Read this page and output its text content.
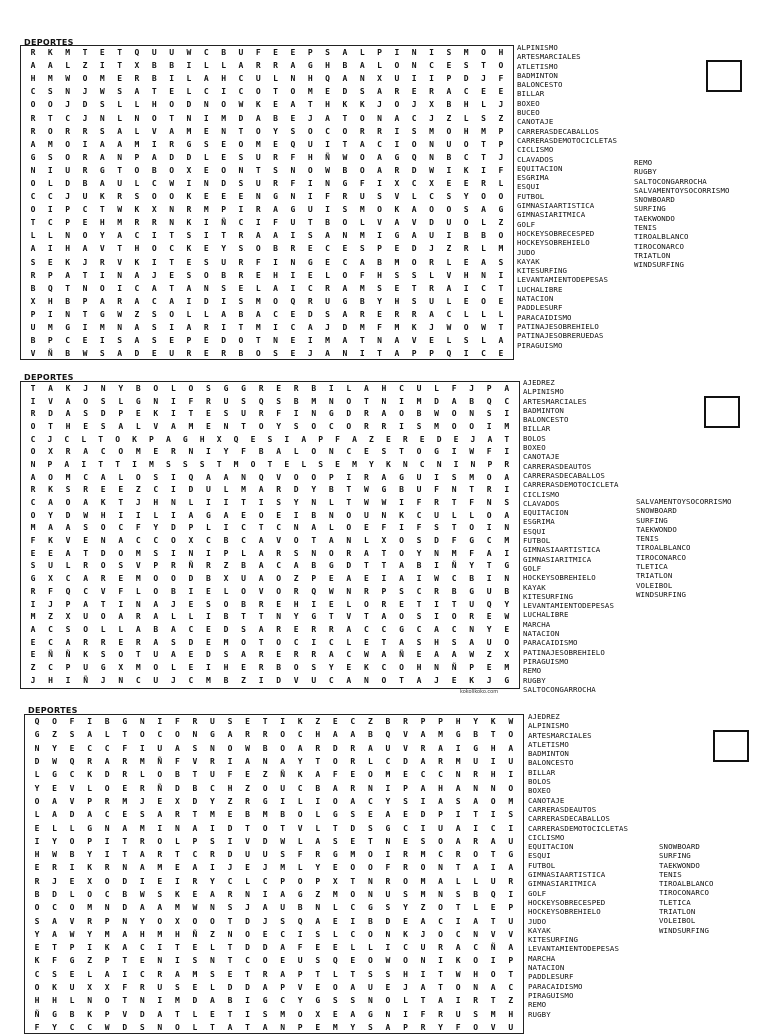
DEPORTES
R	K	M	T	E	T	Q	U	U	W	C	B	U	F	E	E	P	S	A	L	P	I	N	I	S	M	O	H
A	A	L	Z	I	T	X	B	B	I	L	L	A	R	R	A	G	H	B	A	L	O	N	C	E	S	T	O
H	M	W	O	M	E	R	B	I	L	A	H	C	U	L	N	H	Q	A	N	X	U	I	I	P	D	J	F
C	S	N	J	W	S	A	T	E	L	C	I	C	O	T	O	M	E	D	S	A	R	E	R	A	C	E	E
O	O	J	D	S	L	L	H	O	D	N	O	W	K	E	A	T	H	K	K	J	O	J	X	B	H	L	J
R	T	C	J	N	L	N	O	T	N	I	M	D	A	B	E	J	A	T	O	N	A	C	J	Z	L	S	Z
R	O	R	R	S	A	L	V	A	M	E	N	T	O	Y	S	O	C	O	R	R	I	S	M	O	H	M	P
A	M	O	I	A	A	M	I	R	G	S	E	O	M	E	Q	U	I	T	A	C	I	O	N	U	O	T	P
G	S	O	R	A	N	P	A	D	D	L	E	S	U	R	F	H	Ñ	W	O	A	G	Q	N	B	C	T	J
N	I	U	R	G	T	O	B	O	X	E	O	N	T	S	N	O	W	B	O	A	R	D	W	I	K	I	F
O	L	D	B	A	U	L	C	W	I	N	D	S	U	R	F	I	N	G	F	I	X	C	X	E	E	R	L
C	C	J	U	K	R	S	O	O	K	E	E	E	N	G	N	I	F	R	U	S	V	L	C	S	Y	O	O
O	I	P	C	T	W	K	X	N	R	M	P	I	R	A	G	U	I	S	M	O	K	A	O	O	S	A	G
T	C	P	E	H	M	R	R	N	K	I	Ñ	C	I	F	U	T	B	O	L	V	A	V	D	U	O	L	Z
L	L	N	O	Y	A	C	I	T	S	I	T	R	A	A	I	S	A	N	M	I	G	A	U	I	B	B	O
A	I	H	A	V	T	H	O	C	K	E	Y	S	O	B	R	E	C	E	S	P	E	D	J	Z	R	L	M
S	E	K	J	R	V	K	I	T	E	S	U	R	F	I	N	G	E	C	A	B	M	O	R	L	E	A	S
R	P	A	T	I	N	A	J	E	S	O	B	R	E	H	I	E	L	O	F	H	S	S	L	V	H	N	I
B	Q	T	N	O	I	C	A	T	A	N	S	E	L	A	I	C	R	A	M	S	E	T	R	A	I	C	T
X	H	B	P	A	R	A	C	A	I	D	I	S	M	O	Q	R	U	G	B	Y	H	S	U	L	E	O	E
P	I	N	T	G	W	Z	S	O	L	L	A	B	A	C	E	D	S	A	R	E	R	R	A	C	L	L	L
U	M	G	I	M	N	A	S	I	A	R	I	T	M	I	C	A	J	D	M	F	M	K	J	W	O	W	T
B	P	C	E	I	S	A	S	E	P	E	D	O	T	N	E	I	M	A	T	N	A	V	E	L	S	L	A
V	Ñ	B	W	S	A	D	E	U	R	E	R	B	O	S	E	J	A	N	I	T	A	P	P	Q	I	C	E
ALPINISMO
ARTESMARCIALES
ATLETISMO
BADMINTON
BALONCESTO
BILLAR
BOXEO
BUCEO
CANOTAJE
CARRERASDECABALLOS
CARRERASDEMOTOCICLETAS
CICLISMO
CLAVADOS
EQUITACION
ESGRIMA
ESQUI
FUTBOL
GIMNASIAARTISTICA
GIMNASIARITMICA
GOLF
HOCKEYSOBRECESPED
HOCKEYSOBREHIELO
JUDO
KAYAK
KITESURFING
LEVANTAMIENTODEPESAS
LUCHALIBRE
NATACION
PADDLESURF
PARACAIDISMO
PATINAJESOBREHIELO
PATINAJESOBRERUEDAS
PIRAGUISMO
REMO
RUGBY
SALTOCONGARROCHA
SALVAMENTOYSOCORRISMO
SNOWBOARD
SURFING
TAEKWONDO
TENIS
TIROALBLANCO
TIROCONARCO
TRIATLON
WINDSURFING
DEPORTES
T	A	K	J	N	Y	B	O	L	O	S	G	G	R	E	R	B	I	L	A	H	C	U	L	F	J	P	A
I	V	A	O	S	L	G	N	I	F	R	U	S	Q	S	B	M	N	O	T	N	I	M	D	A	B	Q	C
R	D	A	S	D	P	E	K	I	T	E	S	U	R	F	I	N	G	D	R	A	O	B	W	O	N	S	I
O	T	H	E	S	A	L	V	A	M	E	N	T	O	Y	S	O	C	O	R	R	I	S	M	O	O	I	M
C	J	C	L	T	O	K	P	A	G	H	X	Q	E	S	I	A	P	F	A	Z	E	R	E	D	E	J	A	T
O	X	R	A	C	O	M	E	R	N	I	Y	F	B	A	L	O	N	C	E	S	T	O	G	I	W	F	I
N	P	A	I	T	T	I	M	S	S	S	T	M	O	T	E	L	S	E	M	Y	K	N	C	N	I	N	P	R
A	O	M	C	A	L	O	S	I	Q	A	A	N	Q	V	O	O	P	I	R	A	G	U	I	S	M	O	A
R	K	S	R	E	E	Z	C	I	D	U	L	M	A	R	D	Y	B	T	W	G	B	U	F	N	T	R	I
C	A	O	A	K	T	J	H	N	L	I	I	T	I	S	Y	N	L	T	W	W	I	F	R	T	F	N	S
O	Y	D	W	H	I	I	L	I	A	G	A	E	O	E	I	B	N	O	U	N	K	C	U	L	L	O	A
M	A	A	S	O	C	F	Y	D	P	L	I	C	T	C	N	A	L	O	E	F	I	F	S	T	O	I	N
F	K	V	E	N	A	C	C	O	X	C	B	C	A	V	O	T	A	N	L	X	O	S	D	F	G	C	M
E	E	A	T	D	O	M	S	I	N	I	P	L	A	R	S	N	O	R	A	T	O	Y	N	M	F	A	I
S	U	L	R	O	S	V	P	R	Ñ	R	Z	B	A	C	A	B	G	D	T	T	A	B	I	Ñ	Y	T	G
G	X	C	A	R	E	M	O	O	D	B	X	U	A	O	Z	P	E	A	E	I	A	I	W	C	B	I	N
R	F	Q	C	V	F	L	O	B	I	E	L	O	V	O	R	Q	W	N	R	P	S	C	R	B	G	U	B
I	J	P	A	T	I	N	A	J	E	S	O	B	R	E	H	I	E	L	O	R	E	T	I	T	U	Q	Y
M	Z	X	U	O	A	R	A	L	L	I	B	T	T	N	Y	G	T	V	T	A	O	S	I	O	R	E	W
A	C	S	O	L	L	A	B	A	C	E	D	S	A	R	E	R	R	A	C	C	G	C	A	C	N	Y	E
E	C	A	R	R	E	R	A	S	D	E	M	O	T	O	C	I	C	L	E	T	A	S	H	S	A	U	O
E	Ñ	Ñ	K	S	O	T	U	A	E	D	S	A	R	E	R	R	A	C	W	A	Ñ	E	A	A	W	Z	X
Z	C	P	U	G	X	M	O	L	E	I	H	E	R	B	O	S	Y	E	K	C	O	H	N	Ñ	P	E	M
J	H	I	Ñ	J	N	C	U	J	C	M	B	Z	I	D	V	U	C	A	N	O	T	A	J	E	K	J	G
AJEDREZ
ALPINISMO
ARTESMARCIALES
BADMINTON
BALONCESTO
BILLAR
BOLOS
BOXEO
CANOTAJE
CARRERASDEAUTOS
CARRERASDECABALLOS
CARRERASDEMOTOCICLETA
CICLISMO
CLAVADOS
EQUITACION
ESGRIMA
ESQUI
FUTBOL
GIMNASIAARTISTICA
GIMNASIARITMICA
GOLF
HOCKEYSOBREHIELO
KAYAK
KITESURFING
LEVANTAMIENTODEPESAS
LUCHALIBRE
MARCHA
NATACION
PARACAIDISMO
PATINAJESOBREHIELO
PIRAGUISMO
REMO
RUGBY
SALTOCONGARROCHA
SALVAMENTOYSOCORRISMO
SNOWBOARD
SURFING
TAEKWONDO
TENIS
TIROALBLANCO
TIROCONARCO
TLETICA
TRIATLON
VOLEIBOL
WINDSURFING
kokolikoko.com
DEPORTES
Q	O	F	I	B	G	N	I	F	R	U	S	E	T	I	K	Z	E	C	Z	B	R	P	P	H	Y	K	W
G	Z	S	A	L	T	O	C	O	N	G	A	R	R	O	C	H	A	A	B	Q	V	A	M	G	B	T	O
N	Y	E	C	C	F	I	U	A	S	N	O	W	B	O	A	R	D	R	A	U	V	R	A	I	G	H	A
D	W	Q	R	A	R	M	Ñ	F	V	R	I	A	N	A	Y	T	O	R	L	C	D	A	R	M	U	I	U
L	G	C	K	D	R	L	O	B	T	U	F	E	Z	Ñ	K	A	F	E	O	M	E	C	C	N	R	H	I
Y	E	V	L	O	E	R	Ñ	D	B	C	H	Z	O	U	C	B	A	R	N	I	P	A	H	A	N	N	O
O	A	V	P	R	M	J	E	X	D	Y	Z	R	G	I	L	I	O	A	C	Y	S	I	A	S	A	O	M
L	A	D	A	C	E	S	A	R	T	M	E	B	M	B	O	L	G	S	E	A	E	D	P	I	T	I	S
E	L	L	G	N	A	M	I	N	A	I	D	T	O	T	V	L	T	D	S	G	C	I	U	A	I	C	I
I	Y	O	P	I	T	R	O	L	P	S	I	V	D	W	L	A	S	E	T	N	E	S	O	A	R	A	U
H	W	B	Y	I	T	A	R	T	C	R	D	U	U	S	F	R	G	M	O	I	R	M	C	R	O	T	G
E	R	I	K	R	N	A	M	E	A	I	J	E	J	M	L	Y	E	O	O	F	R	O	N	T	A	I	A
R	J	E	X	O	D	I	E	I	R	Y	C	L	C	P	O	P	X	T	N	R	O	M	A	L	L	U	R
B	D	L	O	C	B	W	S	K	E	A	R	N	I	A	G	Z	M	O	N	U	S	M	N	S	B	Q	I
O	C	O	M	N	D	A	A	M	W	N	S	J	A	U	B	N	L	C	G	S	Y	Z	O	T	L	E	P
S	A	V	R	P	N	Y	O	X	O	O	T	D	J	S	Q	A	E	I	B	D	E	A	C	I	A	T	U
Y	A	W	Y	M	A	H	M	H	Ñ	Z	N	O	E	C	I	S	L	C	O	N	K	J	O	C	N	V	V
E	T	P	I	K	A	C	I	T	E	L	T	D	D	A	F	E	E	L	L	I	C	U	R	A	C	Ñ	A
K	F	G	Z	P	T	E	N	I	S	N	T	C	O	E	U	S	Q	E	O	W	O	N	I	K	O	I	P
C	S	E	L	A	I	C	R	A	M	S	E	T	R	A	P	T	L	T	S	S	H	I	T	W	H	O	T
O	K	U	X	X	F	R	U	S	E	L	D	D	A	P	V	E	O	A	U	E	J	A	T	O	N	A	C
H	H	L	N	O	T	N	I	M	D	A	B	I	G	C	Y	G	S	S	N	O	L	T	A	I	R	T	Z
Ñ	G	B	K	P	V	D	A	T	L	E	T	I	S	M	O	X	E	A	G	N	I	F	R	U	S	M	H
F	Y	C	C	W	D	S	N	O	L	T	A	T	A	N	P	E	M	Y	S	A	P	R	Y	F	O	V	U
AJEDREZ
ALPINISMO
ARTESMARCIALES
ATLETISMO
BADMINTON
BALONCESTO
BILLAR
BOLOS
BOXEO
CANOTAJE
CARRERASDEAUTOS
CARRERASDECABALLOS
CARRERASDEMOTOCICLETAS
CICLISMO
EQUITACION
ESQUI
FUTBOL
GIMNASIAARTISTICA
GIMNASIARITMICA
GOLF
HOCKEYSOBRECESPED
HOCKEYSOBREHIELO
JUDO
KAYAK
KITESURFING
LEVANTAMIENTODEPESAS
MARCHA
NATACION
PADDLESURF
PARACAIDISMO
PIRAGUISMO
REMO
RUGBY
SNOWBOARD
SURFING
TAEKWONDO
TENIS
TIROALBLANCO
TIROCONARCO
TLETICA
TRIATLON
VOLEIBOL
WINDSURFING
